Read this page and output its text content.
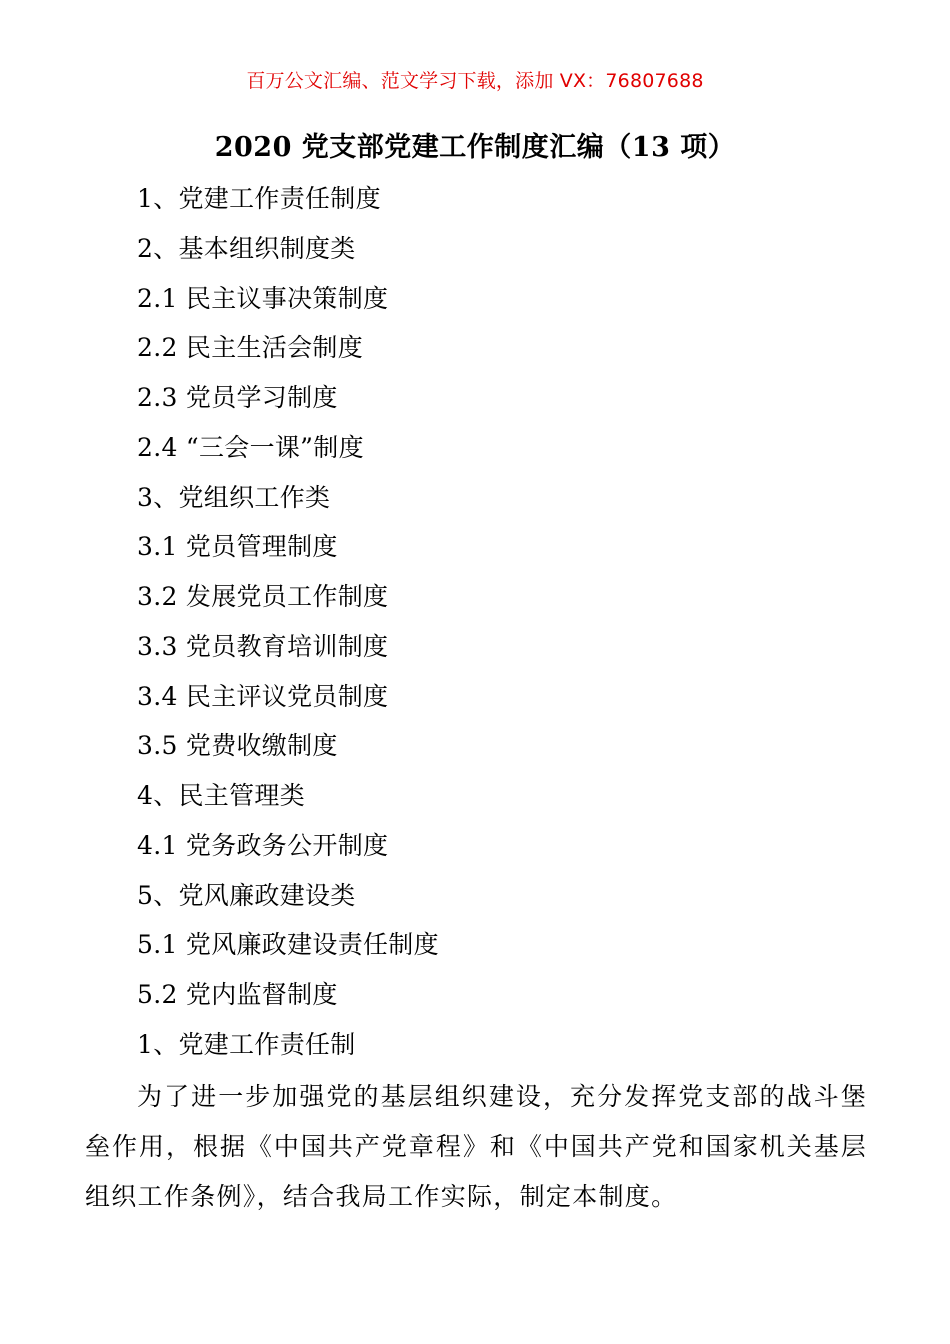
百万公文汇编、范文学习下载，添加 VX：76807688
2020 党支部党建工作制度汇编（13 项）
1、党建工作责任制度
2、基本组织制度类
2.1 民主议事决策制度
2.2 民主生活会制度
2.3 党员学习制度
2.4 “三会一课”制度
3、党组织工作类
3.1 党员管理制度
3.2 发展党员工作制度
3.3 党员教育培训制度
3.4 民主评议党员制度
3.5 党费收缴制度
4、民主管理类
4.1 党务政务公开制度
5、党风廉政建设类
5.1 党风廉政建设责任制度
5.2 党内监督制度
1、党建工作责任制

为了进一步加强党的基层组织建设，充分发挥党支部的战斗堡垒作用，根据《中国共产党章程》和《中国共产党和国家机关基层组织工作条例》，结合我局工作实际，制定本制度。
